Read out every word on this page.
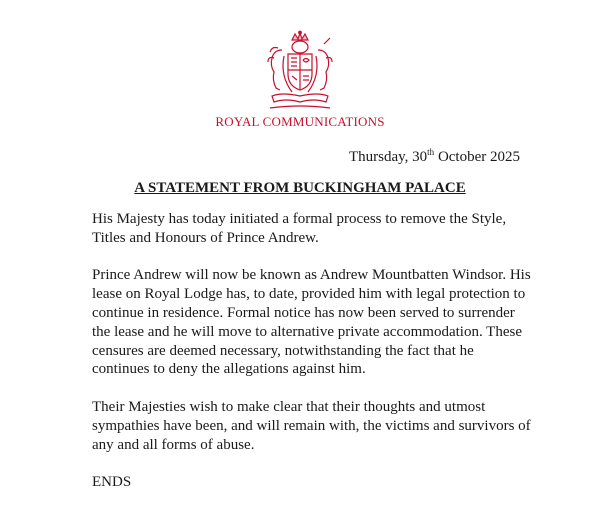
ROYAL COMMUNICATIONS
Thursday, 30th October 2025
A STATEMENT FROM BUCKINGHAM PALACE

His Majesty has today initiated a formal process to remove the Style, Titles and Honours of Prince Andrew.

Prince Andrew will now be known as Andrew Mountbatten Windsor. His lease on Royal Lodge has, to date, provided him with legal protection to continue in residence. Formal notice has now been served to surrender the lease and he will move to alternative private accommodation. These censures are deemed necessary, notwithstanding the fact that he continues to deny the allegations against him.

Their Majesties wish to make clear that their thoughts and utmost sympathies have been, and will remain with, the victims and survivors of any and all forms of abuse.

ENDS
